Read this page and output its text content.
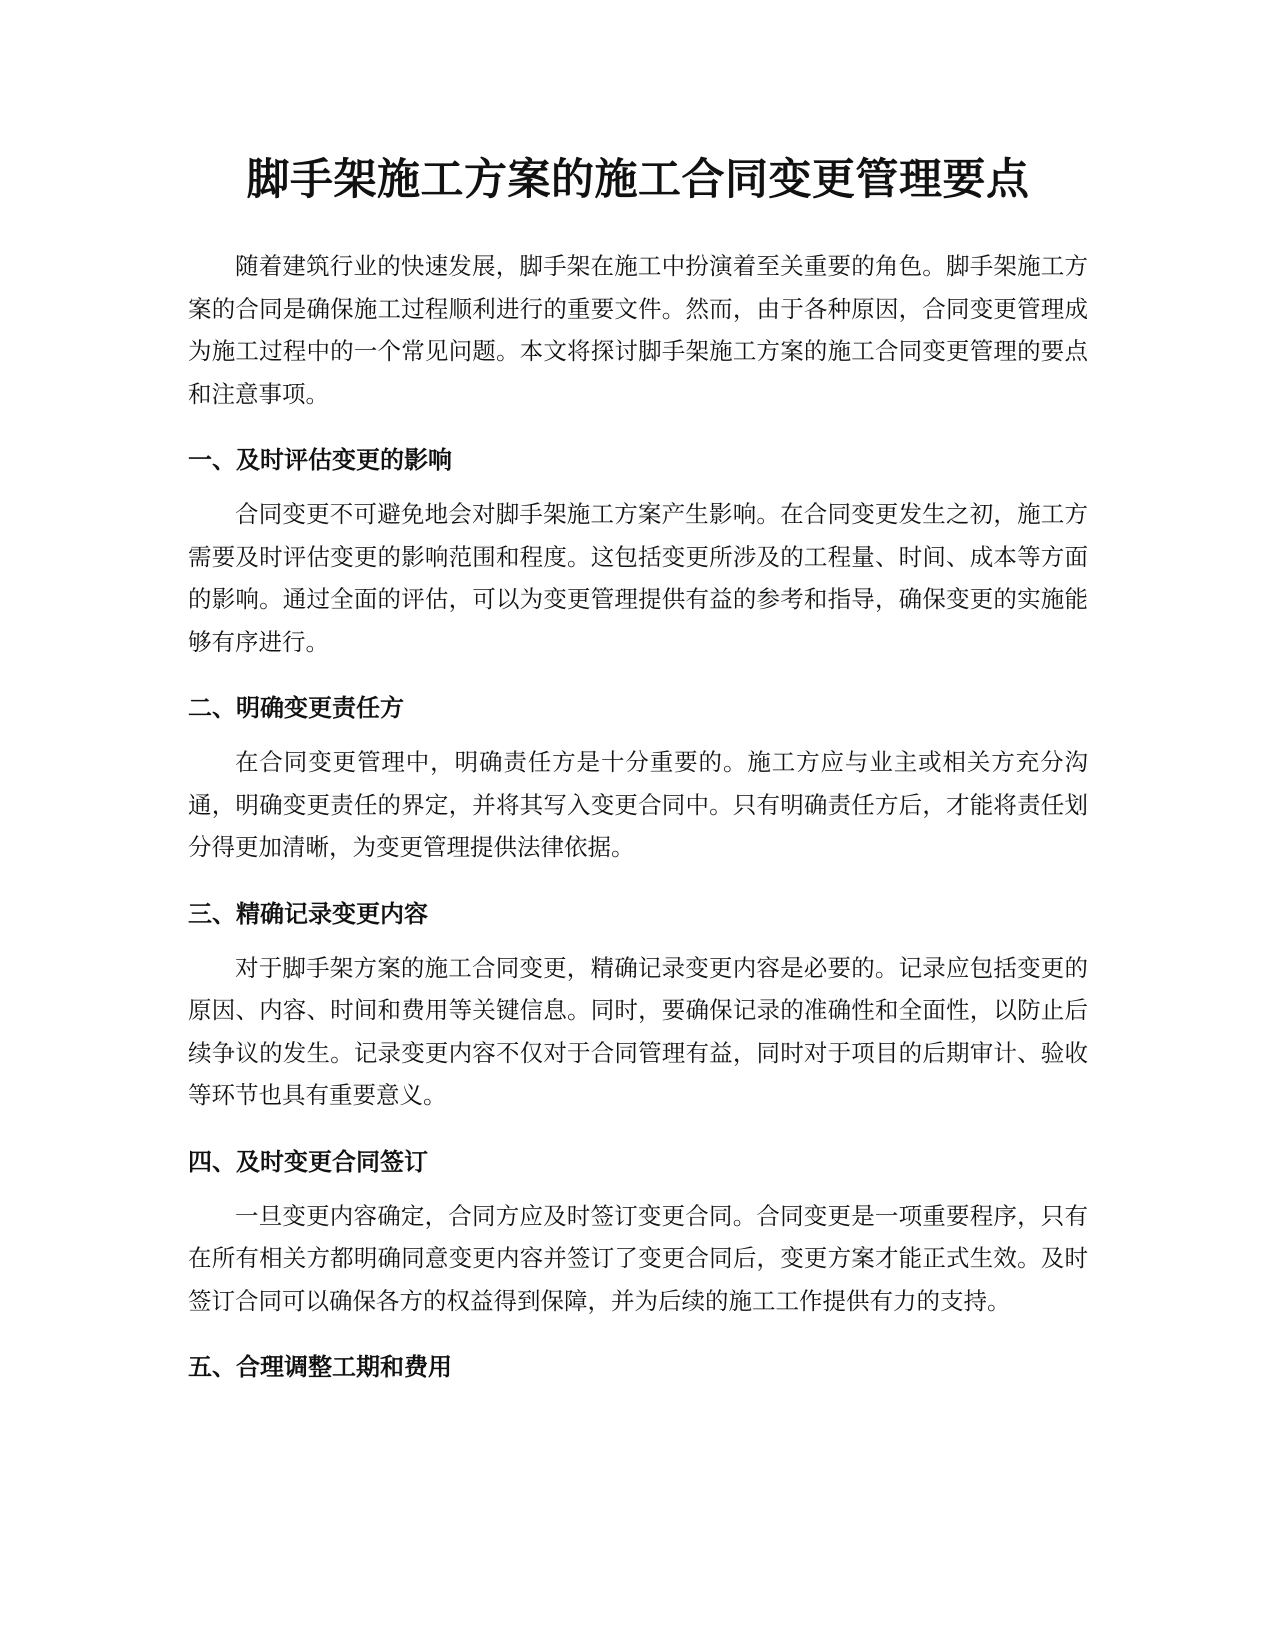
脚手架施工方案的施工合同变更管理要点

随着建筑行业的快速发展，脚手架在施工中扮演着至关重要的角色。脚手架施工方案的合同是确保施工过程顺利进行的重要文件。然而，由于各种原因，合同变更管理成为施工过程中的一个常见问题。本文将探讨脚手架施工方案的施工合同变更管理的要点和注意事项。

一、及时评估变更的影响

合同变更不可避免地会对脚手架施工方案产生影响。在合同变更发生之初，施工方需要及时评估变更的影响范围和程度。这包括变更所涉及的工程量、时间、成本等方面的影响。通过全面的评估，可以为变更管理提供有益的参考和指导，确保变更的实施能够有序进行。

二、明确变更责任方

在合同变更管理中，明确责任方是十分重要的。施工方应与业主或相关方充分沟通，明确变更责任的界定，并将其写入变更合同中。只有明确责任方后，才能将责任划分得更加清晰，为变更管理提供法律依据。

三、精确记录变更内容

对于脚手架方案的施工合同变更，精确记录变更内容是必要的。记录应包括变更的原因、内容、时间和费用等关键信息。同时，要确保记录的准确性和全面性，以防止后续争议的发生。记录变更内容不仅对于合同管理有益，同时对于项目的后期审计、验收等环节也具有重要意义。

四、及时变更合同签订

一旦变更内容确定，合同方应及时签订变更合同。合同变更是一项重要程序，只有在所有相关方都明确同意变更内容并签订了变更合同后，变更方案才能正式生效。及时签订合同可以确保各方的权益得到保障，并为后续的施工工作提供有力的支持。

五、合理调整工期和费用
